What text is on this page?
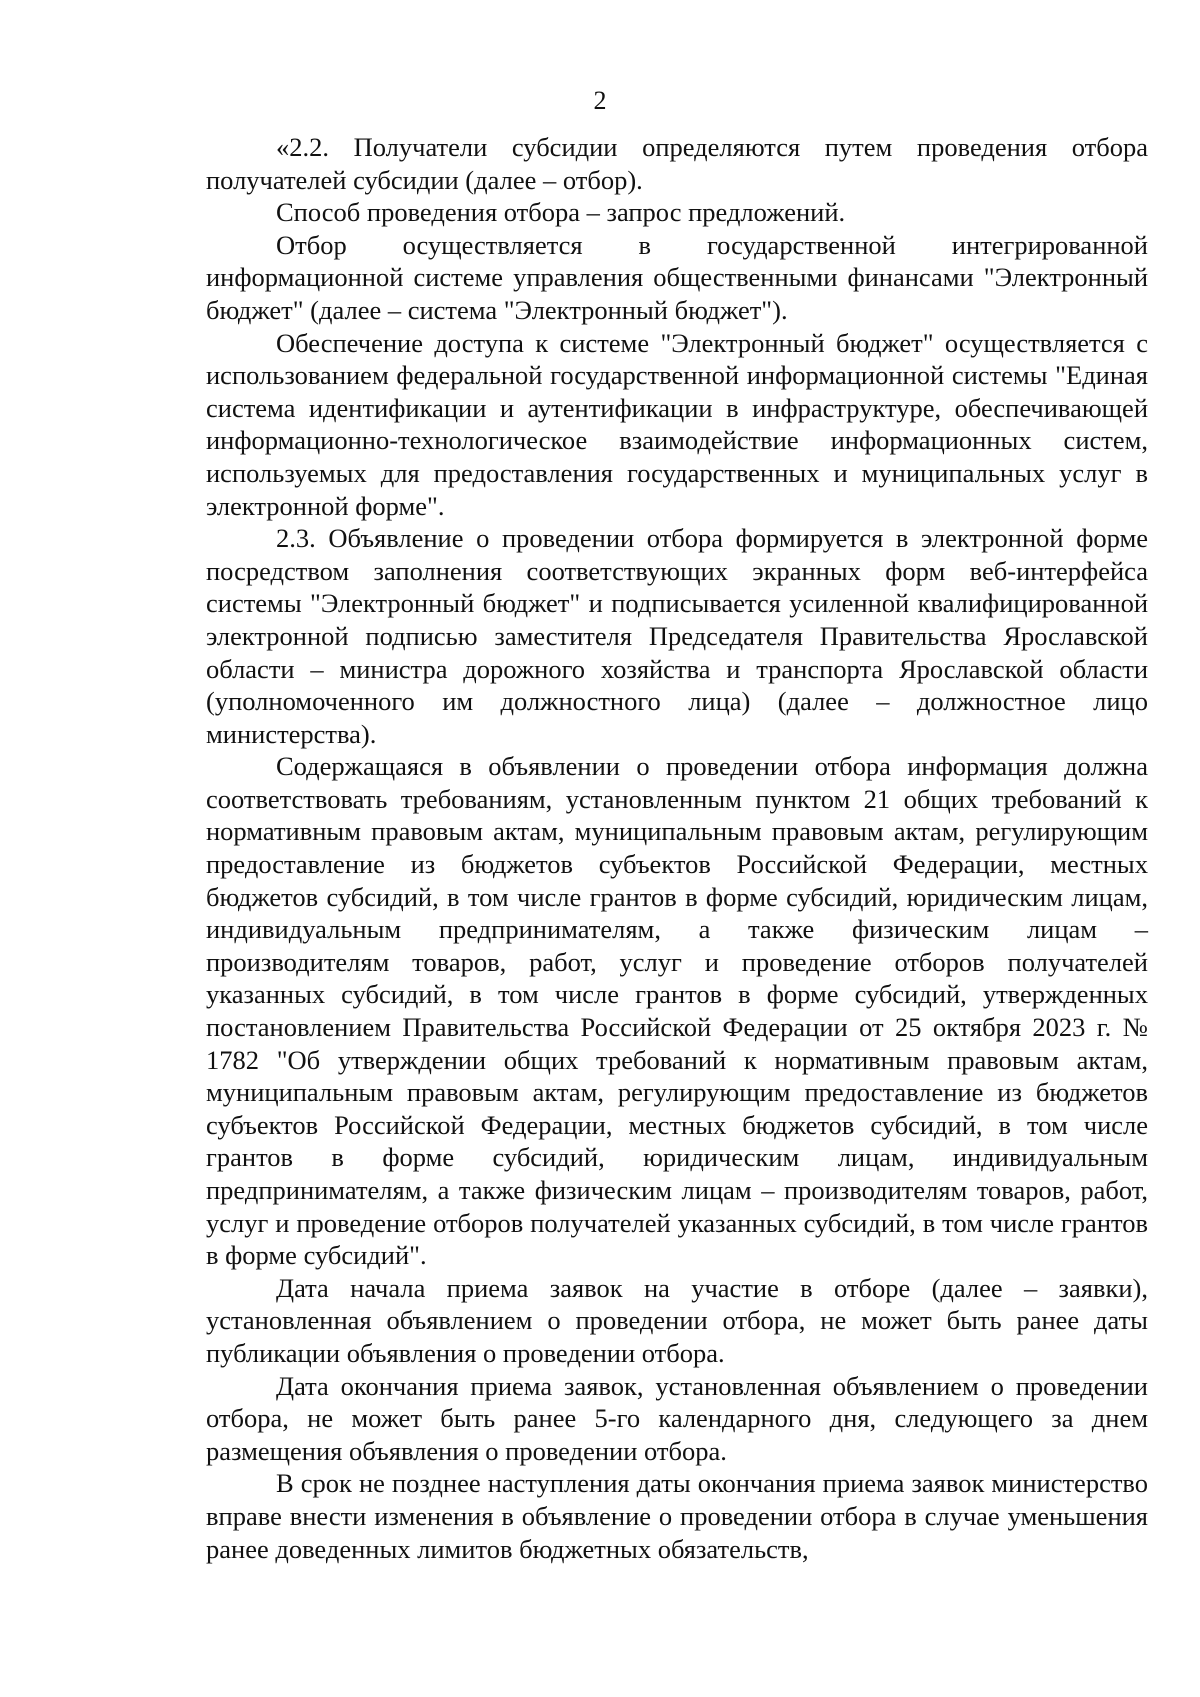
2

«2.2. Получатели субсидии определяются путем проведения отбора получателей субсидии (далее – отбор).

Способ проведения отбора – запрос предложений.

Отбор осуществляется в государственной интегрированной информационной системе управления общественными финансами "Электронный бюджет" (далее – система "Электронный бюджет").

Обеспечение доступа к системе "Электронный бюджет" осуществляется с использованием федеральной государственной информационной системы "Единая система идентификации и аутентификации в инфраструктуре, обеспечивающей информационно-технологическое взаимодействие информационных систем, используемых для предоставления государственных и муниципальных услуг в электронной форме".

2.3. Объявление о проведении отбора формируется в электронной форме посредством заполнения соответствующих экранных форм веб-интерфейса системы "Электронный бюджет" и подписывается усиленной квалифицированной электронной подписью заместителя Председателя Правительства Ярославской области – министра дорожного хозяйства и транспорта Ярославской области (уполномоченного им должностного лица) (далее – должностное лицо министерства).

Содержащаяся в объявлении о проведении отбора информация должна соответствовать требованиям, установленным пунктом 21 общих требований к нормативным правовым актам, муниципальным правовым актам, регулирующим предоставление из бюджетов субъектов Российской Федерации, местных бюджетов субсидий, в том числе грантов в форме субсидий, юридическим лицам, индивидуальным предпринимателям, а также физическим лицам – производителям товаров, работ, услуг и проведение отборов получателей указанных субсидий, в том числе грантов в форме субсидий, утвержденных постановлением Правительства Российской Федерации от 25 октября 2023 г. № 1782 "Об утверждении общих требований к нормативным правовым актам, муниципальным правовым актам, регулирующим предоставление из бюджетов субъектов Российской Федерации, местных бюджетов субсидий, в том числе грантов в форме субсидий, юридическим лицам, индивидуальным предпринимателям, а также физическим лицам – производителям товаров, работ, услуг и проведение отборов получателей указанных субсидий, в том числе грантов в форме субсидий".

Дата начала приема заявок на участие в отборе (далее – заявки), установленная объявлением о проведении отбора, не может быть ранее даты публикации объявления о проведении отбора.

Дата окончания приема заявок, установленная объявлением о проведении отбора, не может быть ранее 5-го календарного дня, следующего за днем размещения объявления о проведении отбора.

В срок не позднее наступления даты окончания приема заявок министерство вправе внести изменения в объявление о проведении отбора в случае уменьшения ранее доведенных лимитов бюджетных обязательств,
